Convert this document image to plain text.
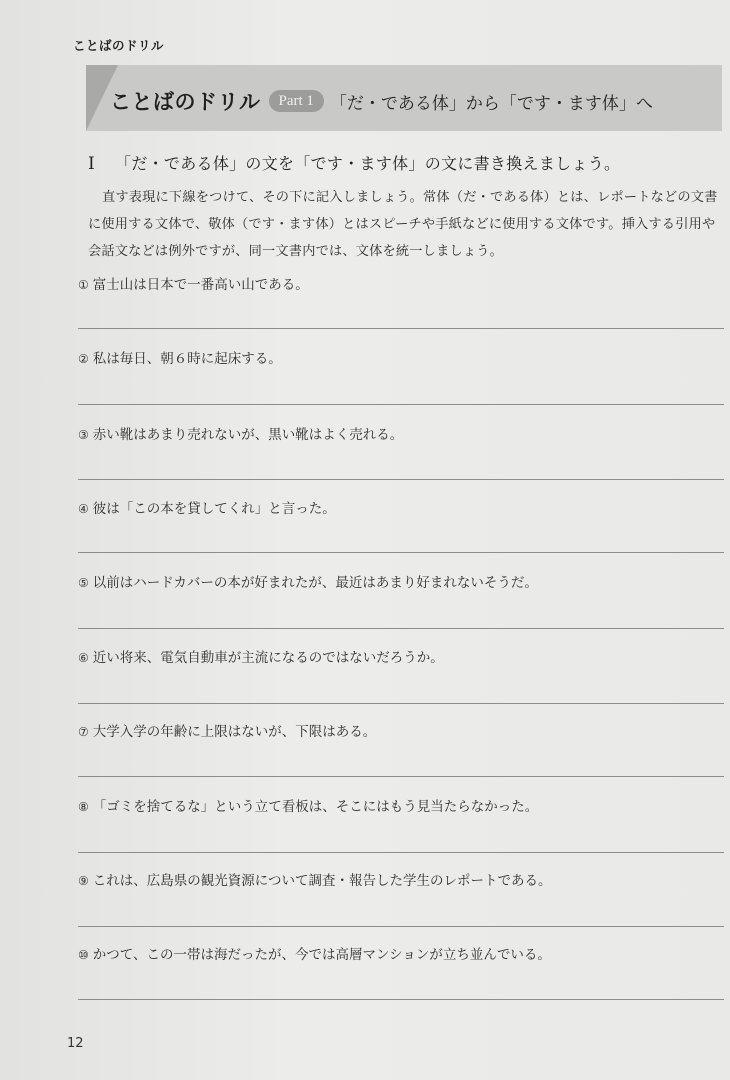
ことばのドリル
ことばのドリル	Part 1 「だ・である体」から「です・ます体」へ
Ⅰ 「だ・である体」の文を「です・ます体」の文に書き換えましょう。
直す表現に下線をつけて、その下に記入しましょう。常体（だ・である体）とは、レポートなどの文書に使用する文体で、敬体（です・ます体）とはスピーチや手紙などに使用する文体です。挿入する引用や会話文などは例外ですが、同一文書内では、文体を統一しましょう。
① 富士山は日本で一番高い山である。
② 私は毎日、朝６時に起床する。
③ 赤い靴はあまり売れないが、黒い靴はよく売れる。
④ 彼は「この本を貸してくれ」と言った。
⑤ 以前はハードカバーの本が好まれたが、最近はあまり好まれないそうだ。
⑥ 近い将来、電気自動車が主流になるのではないだろうか。
⑦ 大学入学の年齢に上限はないが、下限はある。
⑧ 「ゴミを捨てるな」という立て看板は、そこにはもう見当たらなかった。
⑨ これは、広島県の観光資源について調査・報告した学生のレポートである。
⑩ かつて、この一帯は海だったが、今では高層マンションが立ち並んでいる。
12
